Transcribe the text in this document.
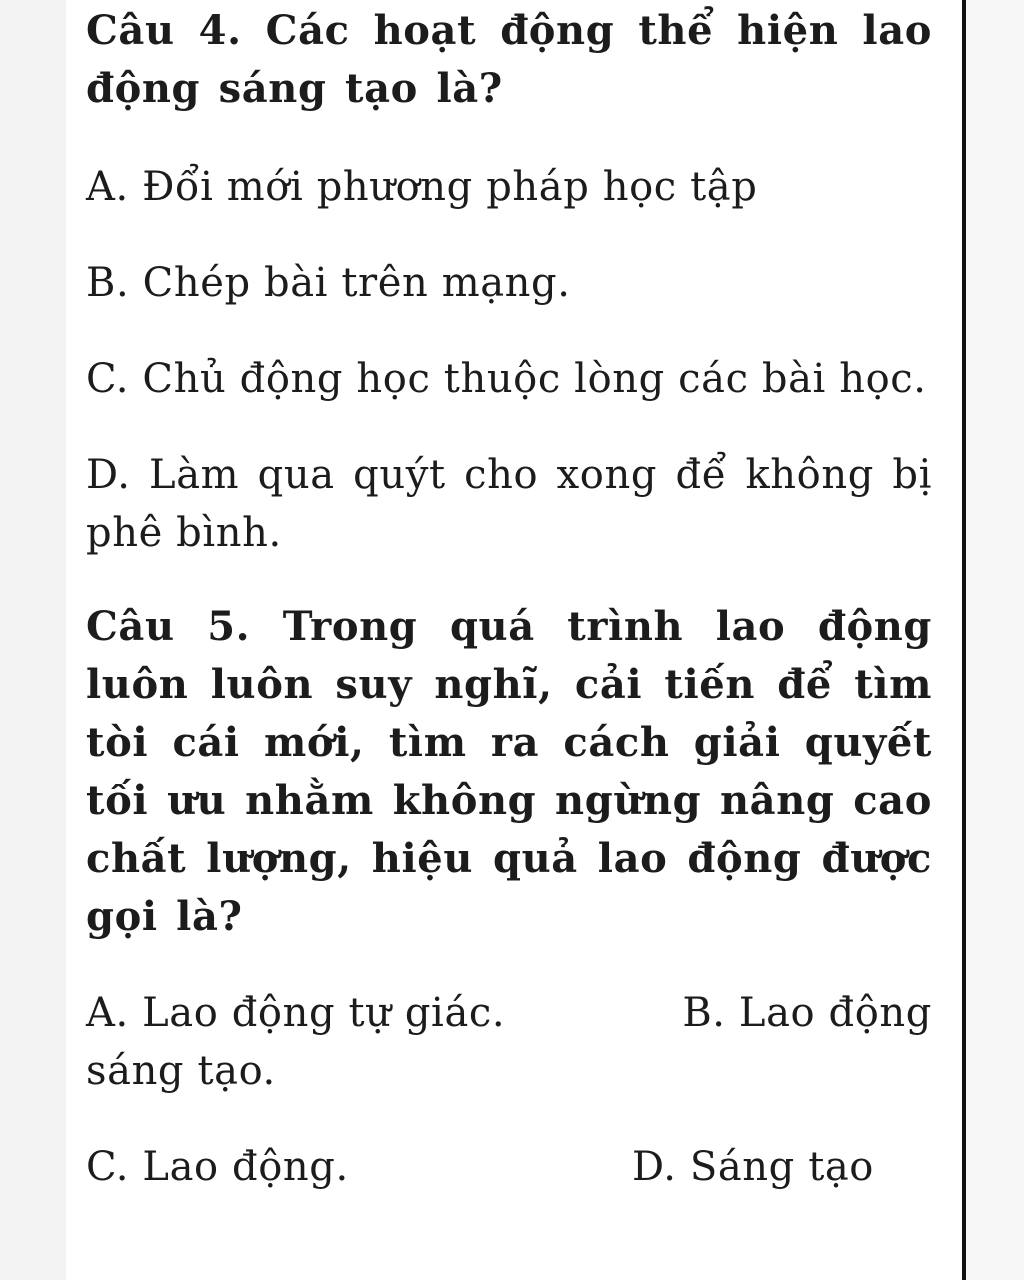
Câu 4. Các hoạt động thể hiện lao động sáng tạo là?

A. Đổi mới phương pháp học tập

B. Chép bài trên mạng.

C. Chủ động học thuộc lòng các bài học.

D. Làm qua quýt cho xong để không bị phê bình.

Câu 5. Trong quá trình lao động luôn luôn suy nghĩ, cải tiến để tìm tòi cái mới, tìm ra cách giải quyết tối ưu nhằm không ngừng nâng cao chất lượng, hiệu quả lao động được gọi là?

A. Lao động tự giác.	B. Lao động
sáng tạo.
C. Lao động.	D. Sáng tạo
